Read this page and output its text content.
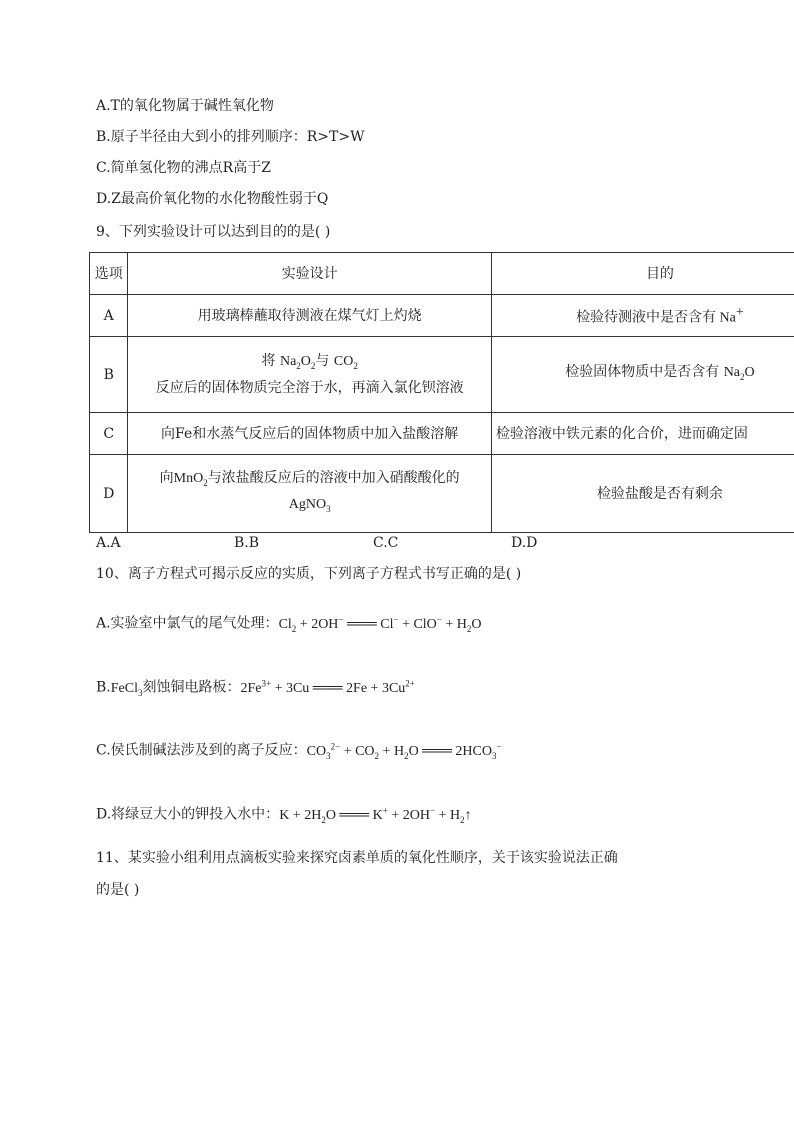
A.T的氧化物属于碱性氧化物
B.原子半径由大到小的排列顺序：R>T>W
C.简单氢化物的沸点R高于Z
D.Z最高价氧化物的水化物酸性弱于Q
9、下列实验设计可以达到目的的是( )
选项	实验设计	目的
A	用玻璃棒蘸取待测液在煤气灯上灼烧	检验待测液中是否含有 Na+
B	将 $Na_2O_2$与 $CO_2$
反应后的固体物质完全溶于水，再滴入氯化钡溶液	检验固体物质中是否含有 $Na_2O$
C	向Fe和水蒸气反应后的固体物质中加入盐酸溶解	检验溶液中铁元素的化合价，进而确定固
D	向MnO$_2$与浓盐酸反应后的溶液中加入硝酸酸化的
AgNO$_3$	检验盐酸是否有剩余
A.A	B.B	C.C	D.D
10、离子方程式可揭示反应的实质，下列离子方程式书写正确的是( )
A.实验室中氯气的尾气处理：$Cl_2 + 2OH^-$ ═══ $Cl^- + ClO^- + H_2O$
B.FeCl$_3$刻蚀铜电路板：$2Fe^{3+} + 3Cu$ ═══ $2Fe + 3Cu^{2+}$
C.侯氏制碱法涉及到的离子反应：$CO_3^{2-} + CO_2 + H_2O$ ═══ $2HCO_3^-$
D.将绿豆大小的钾投入水中：$K + 2H_2O$ ═══ $K^+ + 2OH^- + H_2↑$
11、某实验小组利用点滴板实验来探究卤素单质的氧化性顺序，关于该实验说法正确
的是( )
